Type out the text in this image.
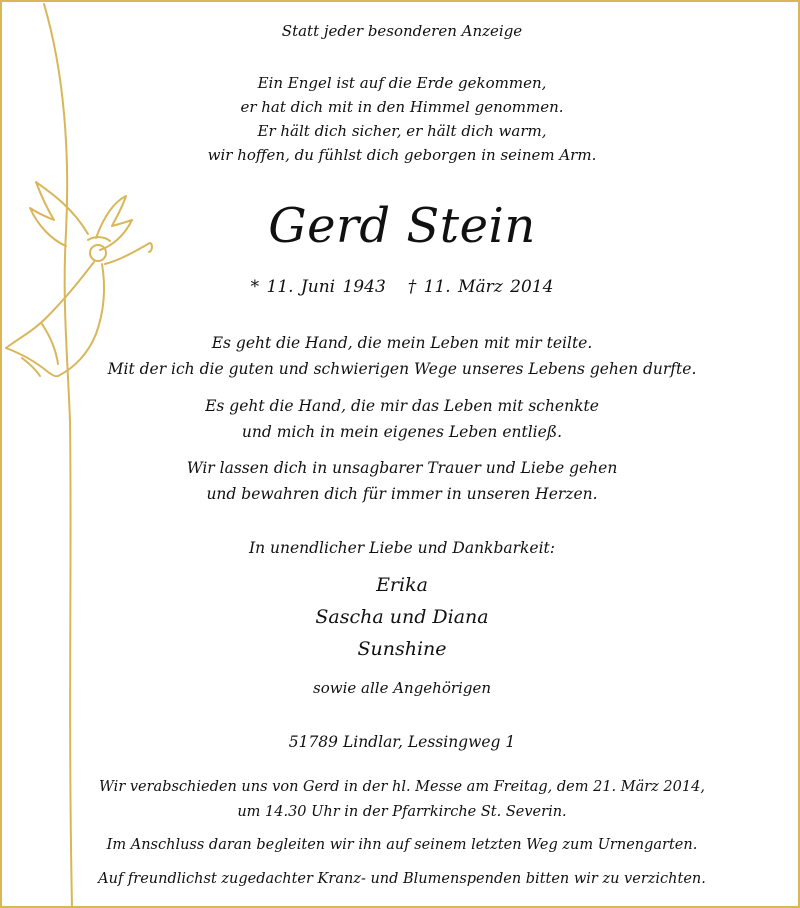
Statt jeder besonderen Anzeige
Ein Engel ist auf die Erde gekommen,
er hat dich mit in den Himmel genommen.
Er hält dich sicher, er hält dich warm,
wir hoffen, du fühlst dich geborgen in seinem Arm.
Gerd Stein
* 11. Juni 1943 † 11. März 2014
Es geht die Hand, die mein Leben mit mir teilte.
Mit der ich die guten und schwierigen Wege unseres Lebens gehen durfte.
Es geht die Hand, die mir das Leben mit schenkte
und mich in mein eigenes Leben entließ.
Wir lassen dich in unsagbarer Trauer und Liebe gehen
und bewahren dich für immer in unseren Herzen.
In unendlicher Liebe und Dankbarkeit:
Erika
Sascha und Diana
Sunshine
sowie alle Angehörigen
51789 Lindlar, Lessingweg 1
Wir verabschieden uns von Gerd in der hl. Messe am Freitag, dem 21. März 2014,
um 14.30 Uhr in der Pfarrkirche St. Severin.
Im Anschluss daran begleiten wir ihn auf seinem letzten Weg zum Urnengarten.
Auf freundlichst zugedachter Kranz- und Blumenspenden bitten wir zu verzichten.
